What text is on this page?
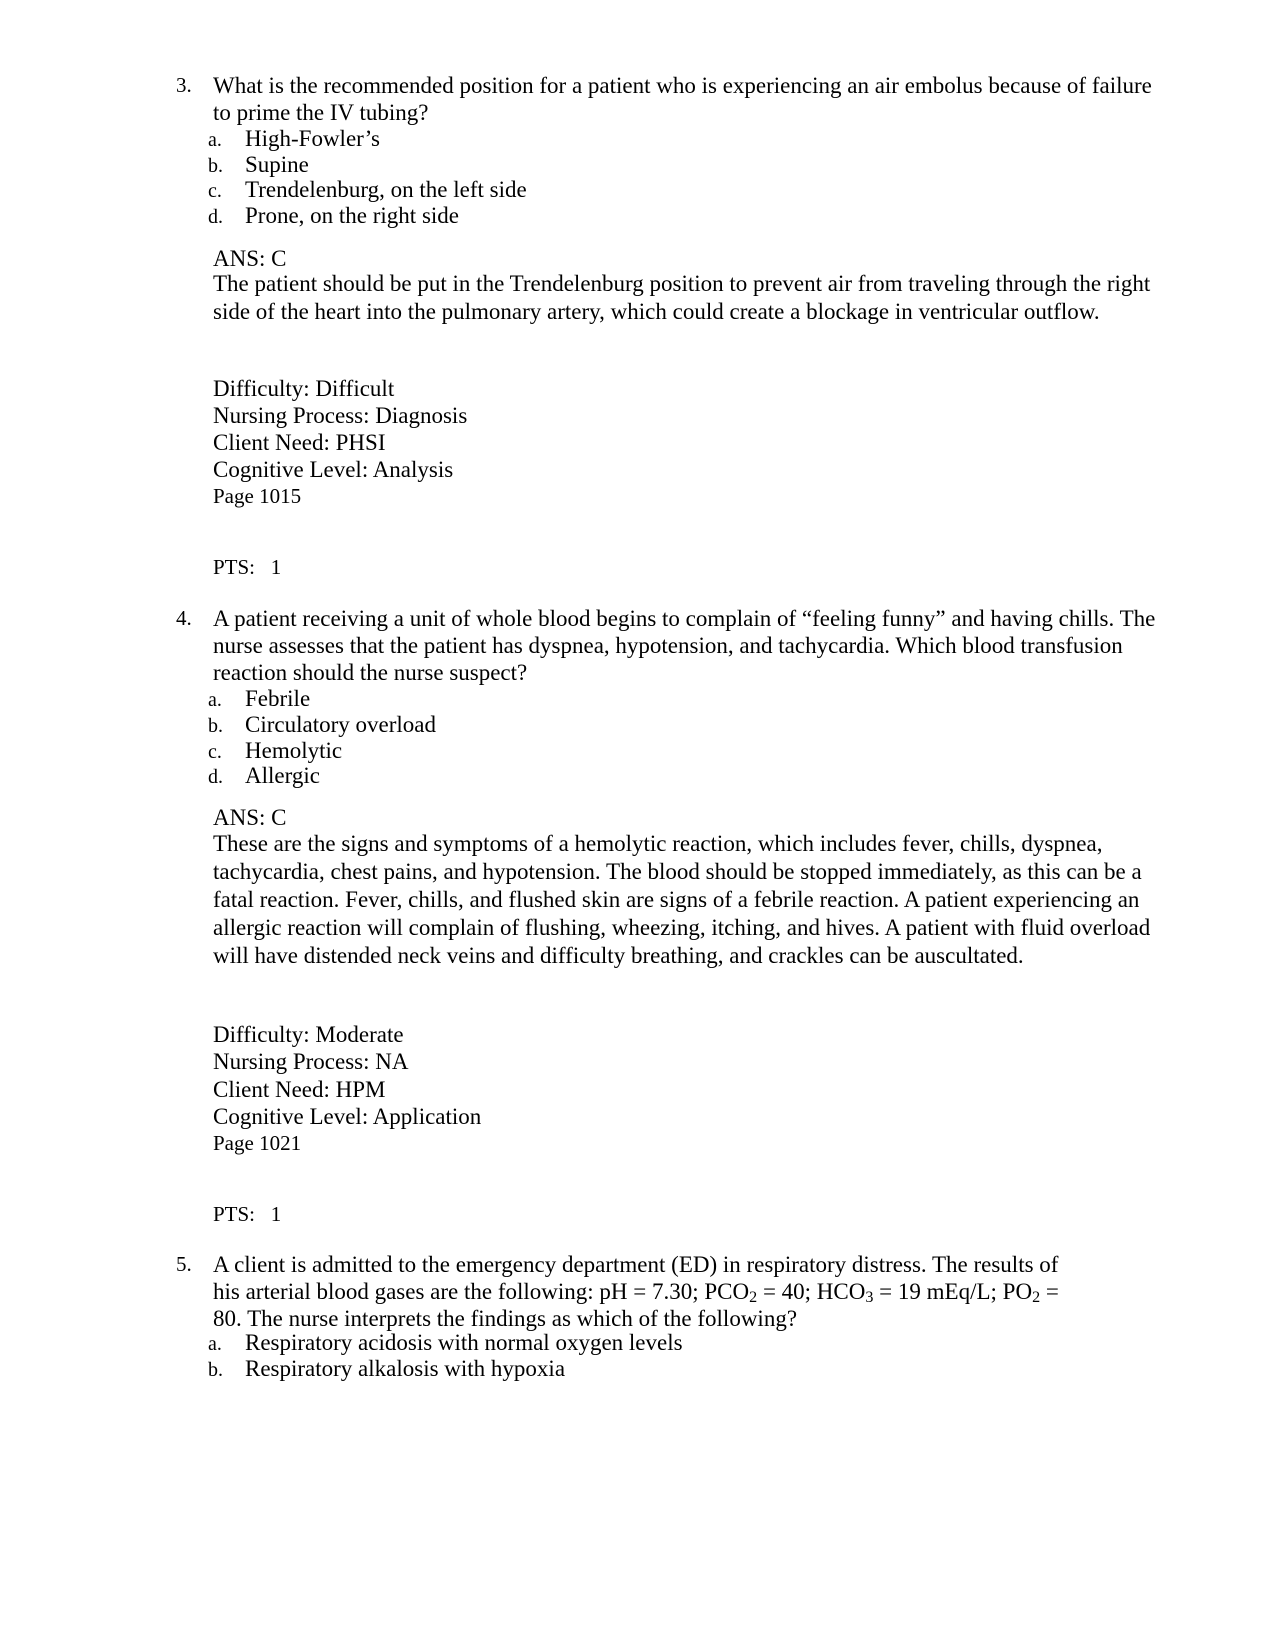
3. What is the recommended position for a patient who is experiencing an air embolus because of failure to prime the IV tubing?
a. High-Fowler’s
b. Supine
c. Trendelenburg, on the left side
d. Prone, on the right side
ANS: C
The patient should be put in the Trendelenburg position to prevent air from traveling through the right side of the heart into the pulmonary artery, which could create a blockage in ventricular outflow.
Difficulty: Difficult
Nursing Process: Diagnosis
Client Need: PHSI
Cognitive Level: Analysis
Page 1015
PTS:   1
4. A patient receiving a unit of whole blood begins to complain of “feeling funny” and having chills. The nurse assesses that the patient has dyspnea, hypotension, and tachycardia. Which blood transfusion reaction should the nurse suspect?
a. Febrile
b. Circulatory overload
c. Hemolytic
d. Allergic
ANS: C
These are the signs and symptoms of a hemolytic reaction, which includes fever, chills, dyspnea, tachycardia, chest pains, and hypotension. The blood should be stopped immediately, as this can be a fatal reaction. Fever, chills, and flushed skin are signs of a febrile reaction. A patient experiencing an allergic reaction will complain of flushing, wheezing, itching, and hives. A patient with fluid overload will have distended neck veins and difficulty breathing, and crackles can be auscultated.
Difficulty: Moderate
Nursing Process: NA
Client Need: HPM
Cognitive Level: Application
Page 1021
PTS:   1
5. A client is admitted to the emergency department (ED) in respiratory distress. The results of
his arterial blood gases are the following: pH = 7.30; $PCO_2 = 40$; $HCO_3 = 19$ mEq/L; $PO_2$ =
80. The nurse interprets the findings as which of the following?
a. Respiratory acidosis with normal oxygen levels
b. Respiratory alkalosis with hypoxia
